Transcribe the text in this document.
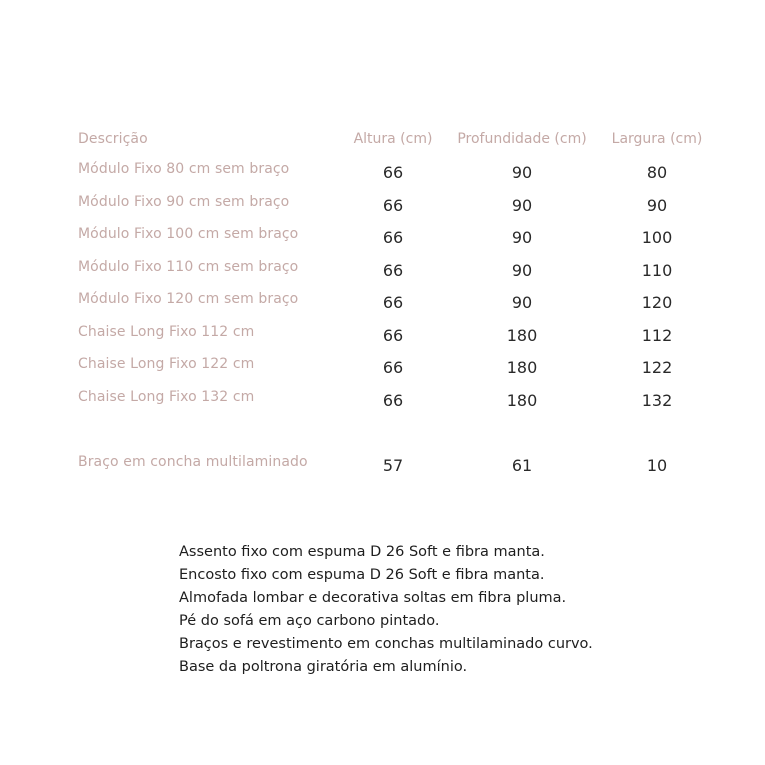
Descrição	Altura (cm)	Profundidade (cm)	Largura (cm)
Módulo Fixo 80 cm sem braço	66	90	80
Módulo Fixo 90 cm sem braço	66	90	90
Módulo Fixo 100 cm sem braço	66	90	100
Módulo Fixo 110 cm sem braço	66	90	110
Módulo Fixo 120 cm sem braço	66	90	120
Chaise Long Fixo 112 cm	66	180	112
Chaise Long Fixo 122 cm	66	180	122
Chaise Long Fixo 132 cm	66	180	132
Braço em concha multilaminado	57	61	10
Assento fixo com espuma D 26 Soft e fibra manta.
Encosto fixo com espuma D 26 Soft e fibra manta.
Almofada lombar e decorativa soltas em fibra pluma.
Pé do sofá em aço carbono pintado.
Braços e revestimento em conchas multilaminado curvo.
Base da poltrona giratória em alumínio.
